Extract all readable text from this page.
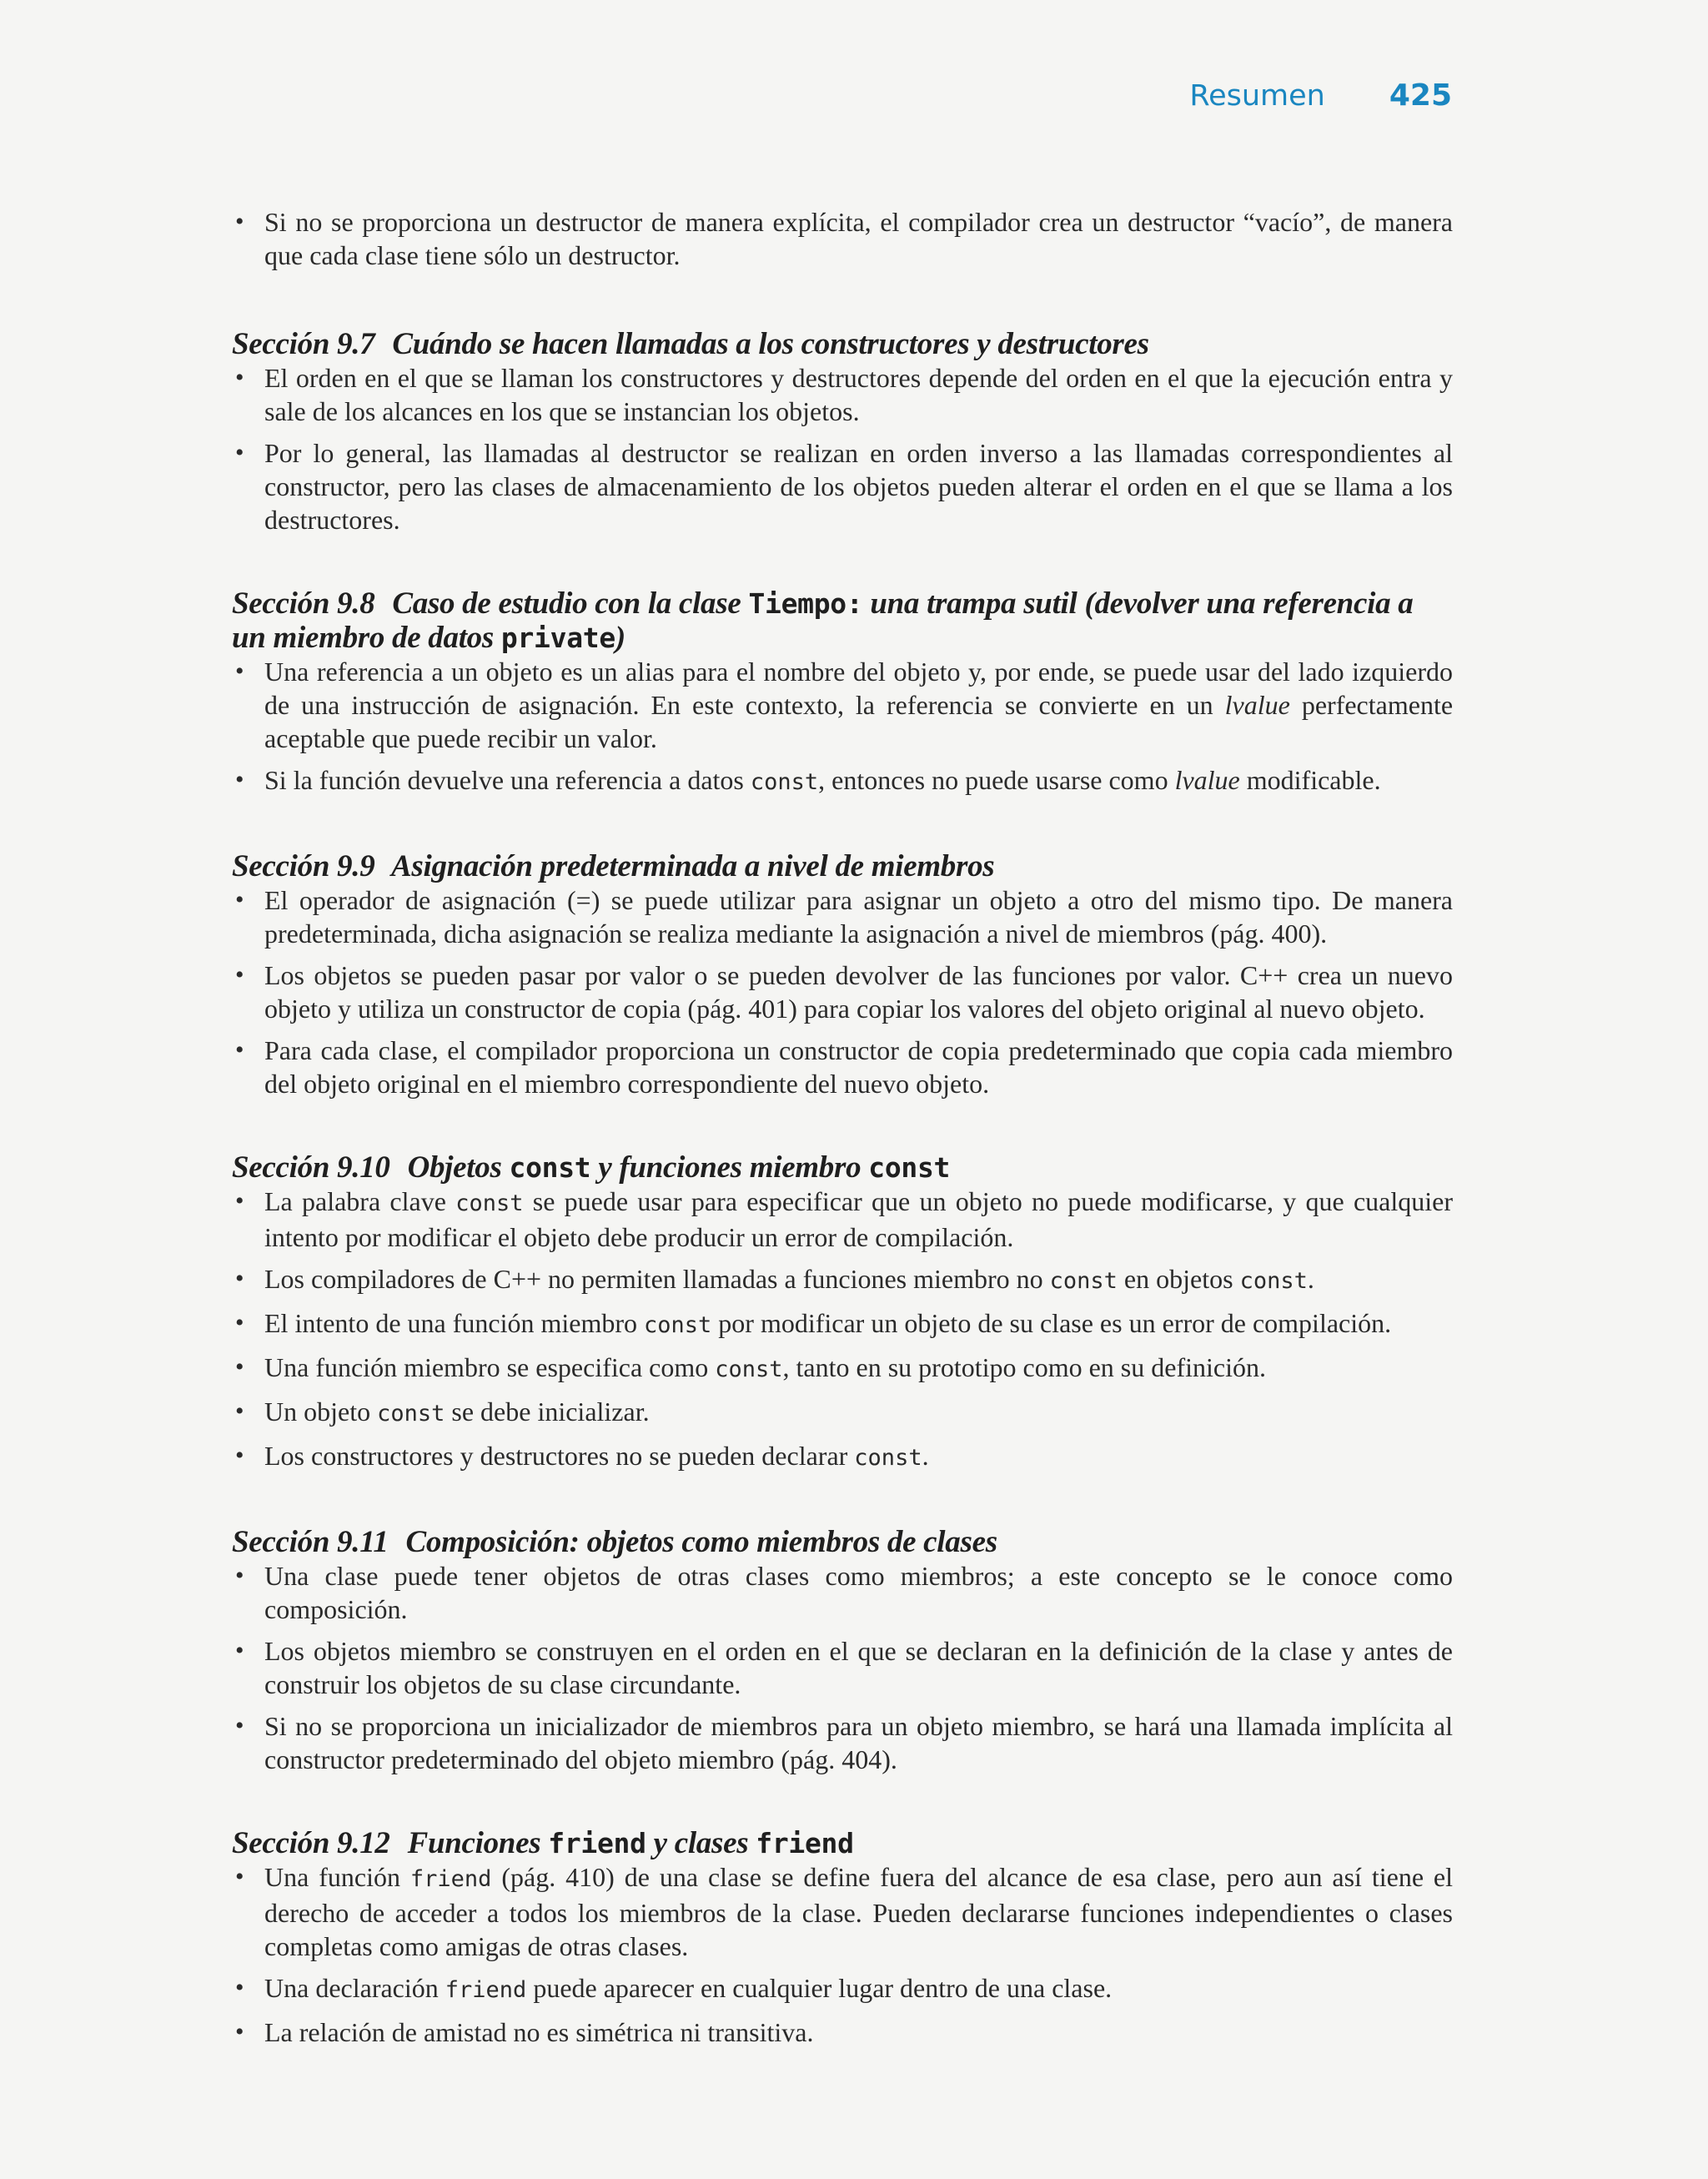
Resumen 425
• Si no se proporciona un destructor de manera explícita, el compilador crea un destructor “vacío”, de manera que cada clase tiene sólo un destructor.
Sección 9.7 Cuándo se hacen llamadas a los constructores y destructores
• El orden en el que se llaman los constructores y destructores depende del orden en el que la ejecución entra y sale de los alcances en los que se instancian los objetos.
• Por lo general, las llamadas al destructor se realizan en orden inverso a las llamadas correspondientes al constructor, pero las clases de almacenamiento de los objetos pueden alterar el orden en el que se llama a los destructores.
Sección 9.8 Caso de estudio con la clase Tiempo: una trampa sutil (devolver una referencia a un miembro de datos private)
• Una referencia a un objeto es un alias para el nombre del objeto y, por ende, se puede usar del lado izquierdo de una instrucción de asignación. En este contexto, la referencia se convierte en un lvalue perfectamente aceptable que puede recibir un valor.
• Si la función devuelve una referencia a datos const, entonces no puede usarse como lvalue modificable.
Sección 9.9 Asignación predeterminada a nivel de miembros
• El operador de asignación (=) se puede utilizar para asignar un objeto a otro del mismo tipo. De manera predeterminada, dicha asignación se realiza mediante la asignación a nivel de miembros (pág. 400).
• Los objetos se pueden pasar por valor o se pueden devolver de las funciones por valor. C++ crea un nuevo objeto y utiliza un constructor de copia (pág. 401) para copiar los valores del objeto original al nuevo objeto.
• Para cada clase, el compilador proporciona un constructor de copia predeterminado que copia cada miembro del objeto original en el miembro correspondiente del nuevo objeto.
Sección 9.10 Objetos const y funciones miembro const
• La palabra clave const se puede usar para especificar que un objeto no puede modificarse, y que cualquier intento por modificar el objeto debe producir un error de compilación.
• Los compiladores de C++ no permiten llamadas a funciones miembro no const en objetos const.
• El intento de una función miembro const por modificar un objeto de su clase es un error de compilación.
• Una función miembro se especifica como const, tanto en su prototipo como en su definición.
• Un objeto const se debe inicializar.
• Los constructores y destructores no se pueden declarar const.
Sección 9.11 Composición: objetos como miembros de clases
• Una clase puede tener objetos de otras clases como miembros; a este concepto se le conoce como composición.
• Los objetos miembro se construyen en el orden en el que se declaran en la definición de la clase y antes de construir los objetos de su clase circundante.
• Si no se proporciona un inicializador de miembros para un objeto miembro, se hará una llamada implícita al constructor predeterminado del objeto miembro (pág. 404).
Sección 9.12 Funciones friend y clases friend
• Una función friend (pág. 410) de una clase se define fuera del alcance de esa clase, pero aun así tiene el derecho de acceder a todos los miembros de la clase. Pueden declararse funciones independientes o clases completas como amigas de otras clases.
• Una declaración friend puede aparecer en cualquier lugar dentro de una clase.
• La relación de amistad no es simétrica ni transitiva.
